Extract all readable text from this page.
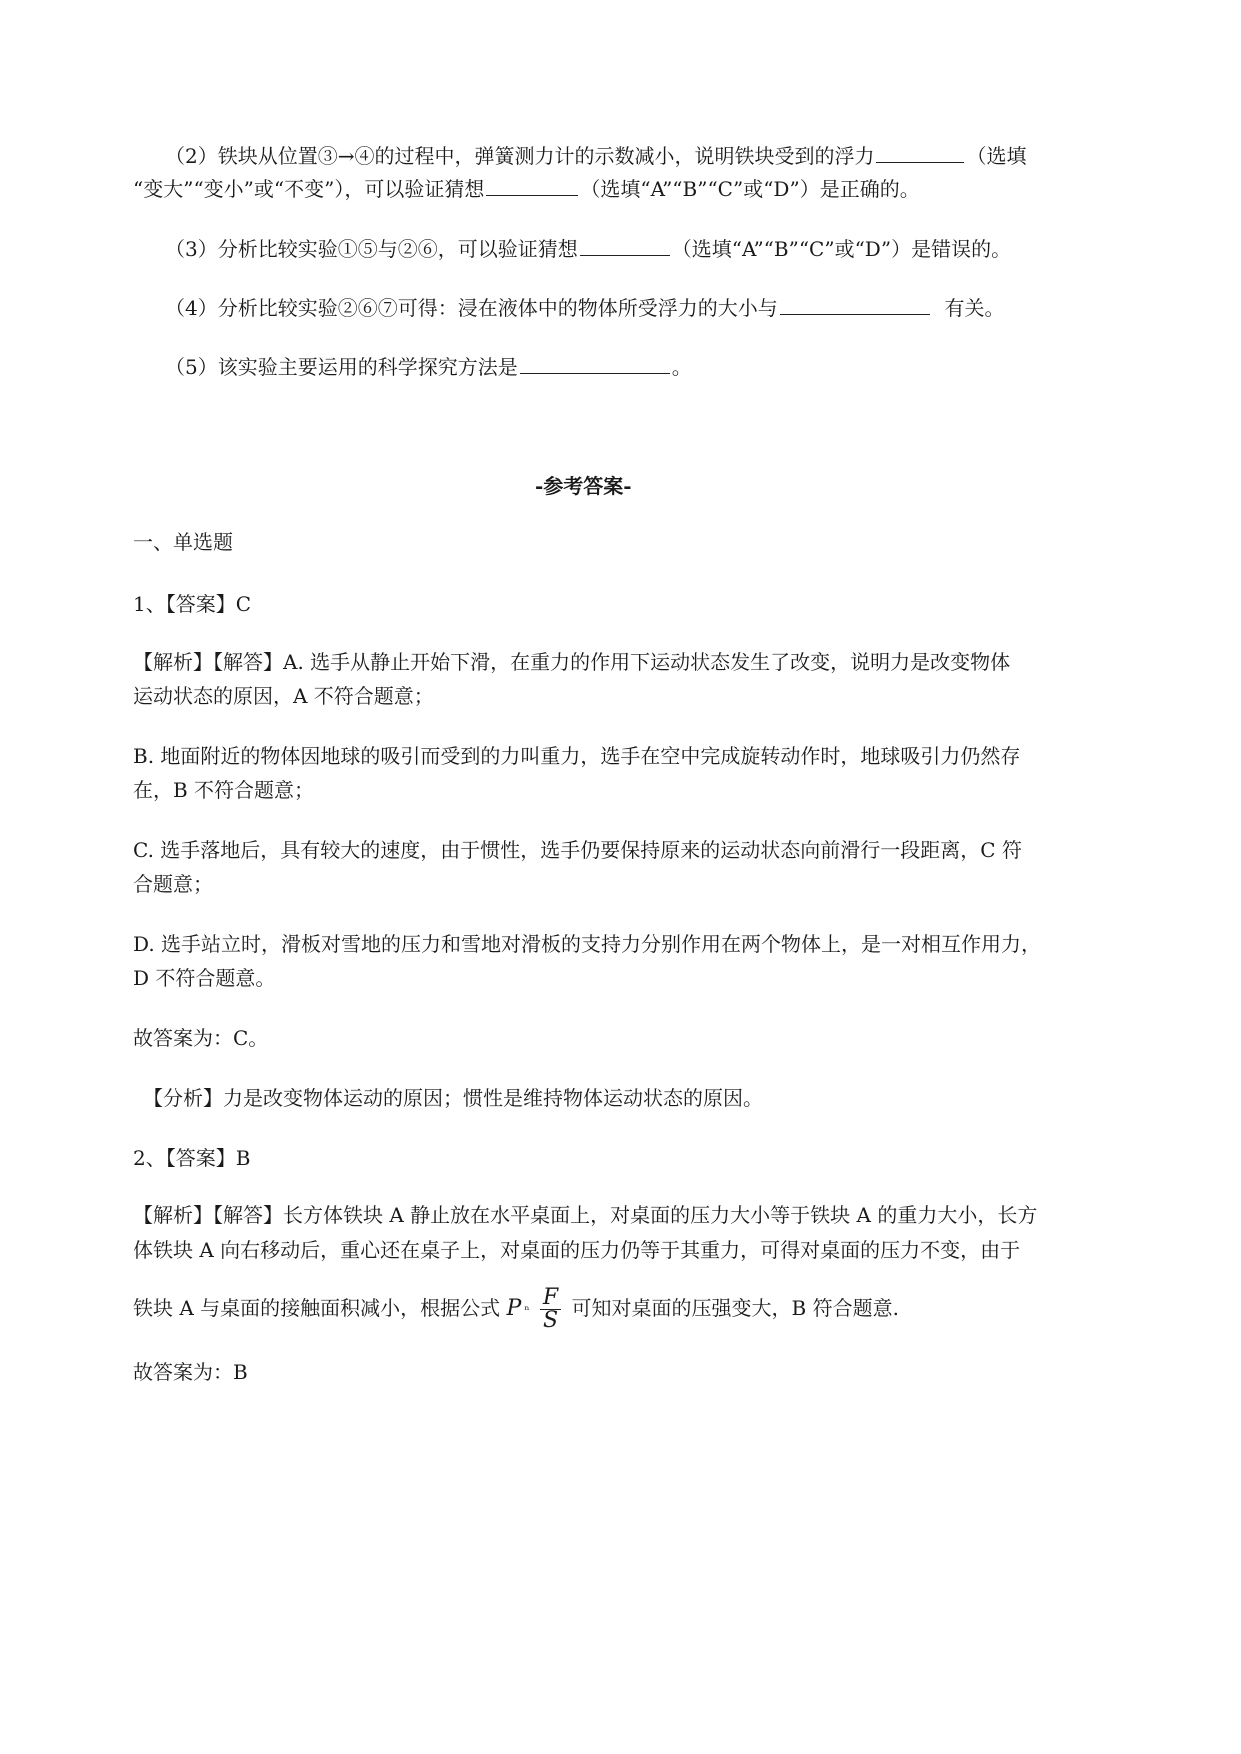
（2）铁块从位置③→④的过程中，弹簧测力计的示数减小，说明铁块受到的浮力	（选填
“变大”“变小”或“不变”），可以验证猜想	（选填“A”“B”“C”或“D”）是正确的。
（3）分析比较实验①⑤与②⑥，可以验证猜想	（选填“A”“B”“C”或“D”）是错误的。
（4）分析比较实验②⑥⑦可得：浸在液体中的物体所受浮力的大小与	有关。
（5）该实验主要运用的科学探究方法是	。
-参考答案-
一、单选题
1、【答案】C
【解析】【解答】A. 选手从静止开始下滑，在重力的作用下运动状态发生了改变，说明力是改变物体
运动状态的原因，A 不符合题意；
B. 地面附近的物体因地球的吸引而受到的力叫重力，选手在空中完成旋转动作时，地球吸引力仍然存
在，B 不符合题意；
C. 选手落地后，具有较大的速度，由于惯性，选手仍要保持原来的运动状态向前滑行一段距离，C 符
合题意；
D. 选手站立时，滑板对雪地的压力和雪地对滑板的支持力分别作用在两个物体上，是一对相互作用力，
D 不符合题意。
故答案为：C。
【分析】力是改变物体运动的原因；惯性是维持物体运动状态的原因。
2、【答案】B
【解析】【解答】长方体铁块 A 静止放在水平桌面上，对桌面的压力大小等于铁块 A 的重力大小，长方
体铁块 A 向右移动后，重心还在桌子上，对桌面的压力仍等于其重力，可得对桌面的压力不变，由于
铁块 A 与桌面的接触面积减小，根据公式 P ⁿ $\frac{F}{S}$ 可知对桌面的压强变大，B 符合题意.
故答案为：B
